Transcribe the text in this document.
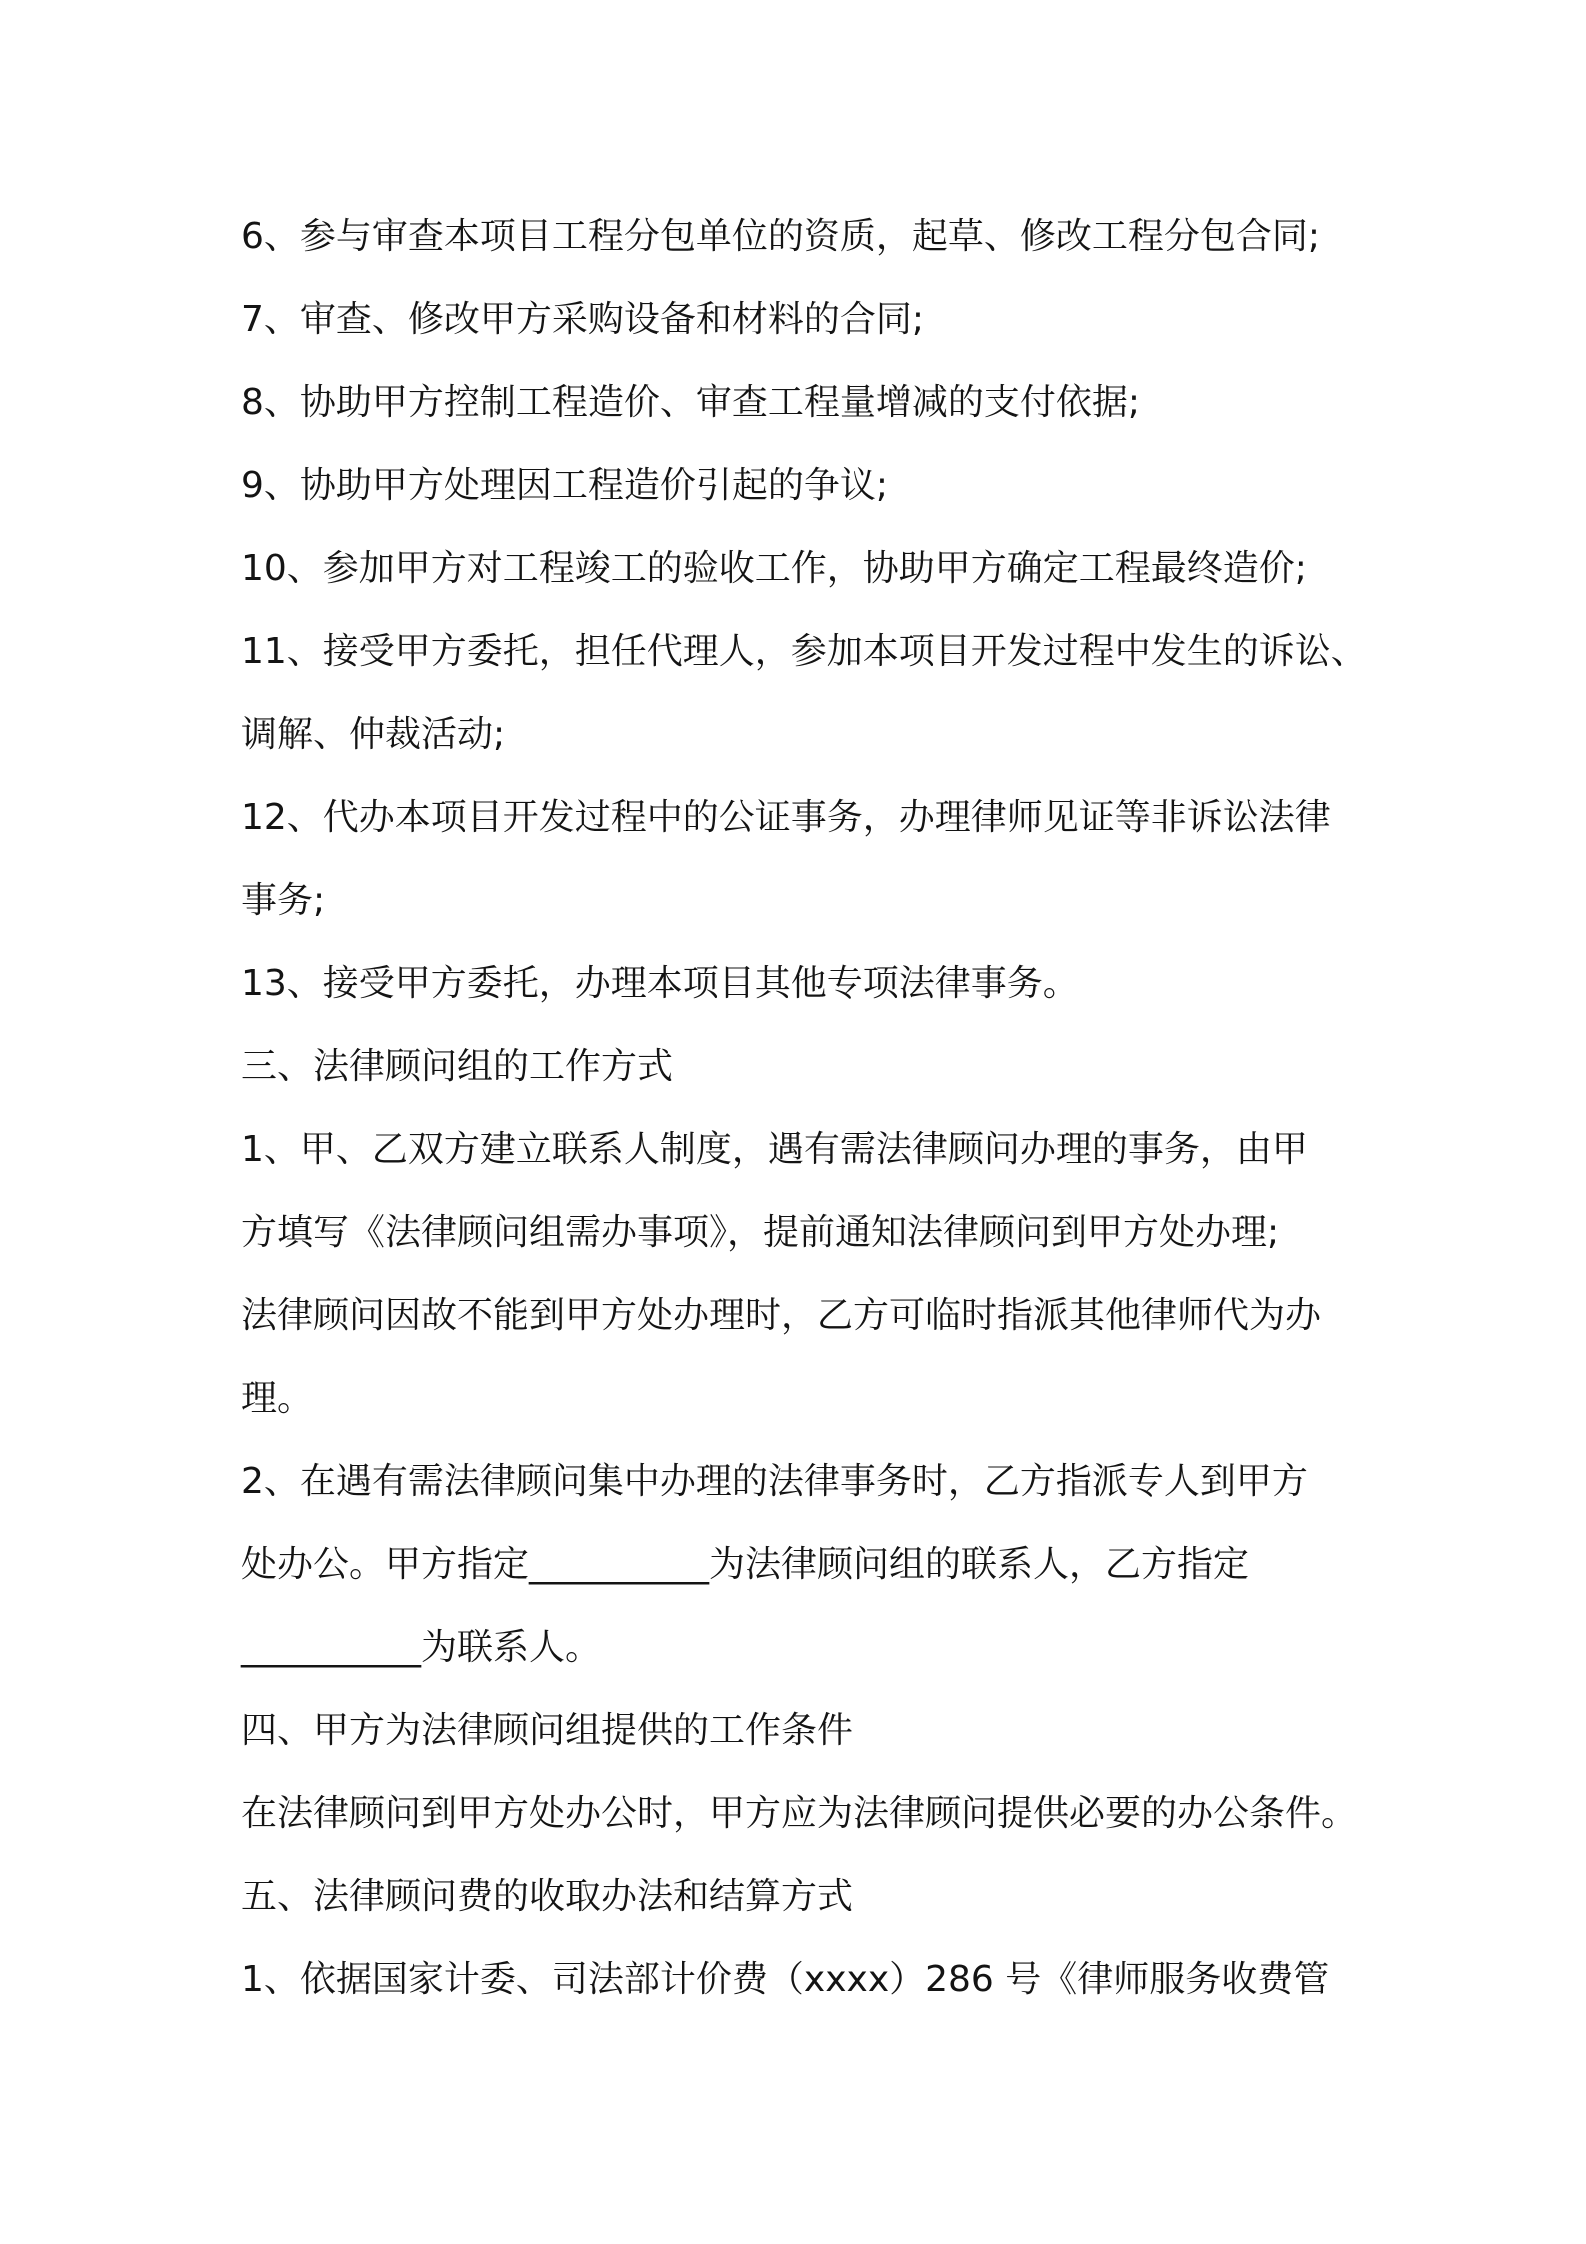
6、参与审查本项目工程分包单位的资质，起草、修改工程分包合同;
7、审查、修改甲方采购设备和材料的合同;
8、协助甲方控制工程造价、审查工程量增减的支付依据;
9、协助甲方处理因工程造价引起的争议;
10、参加甲方对工程竣工的验收工作，协助甲方确定工程最终造价;
11、接受甲方委托，担任代理人，参加本项目开发过程中发生的诉讼、
调解、仲裁活动;
12、代办本项目开发过程中的公证事务，办理律师见证等非诉讼法律
事务;
13、接受甲方委托，办理本项目其他专项法律事务。
三、法律顾问组的工作方式
1、甲、乙双方建立联系人制度，遇有需法律顾问办理的事务，由甲
方填写《法律顾问组需办事项》，提前通知法律顾问到甲方处办理;
法律顾问因故不能到甲方处办理时，乙方可临时指派其他律师代为办
理。
2、在遇有需法律顾问集中办理的法律事务时，乙方指派专人到甲方
处办公。甲方指定__________为法律顾问组的联系人，乙方指定
__________为联系人。
四、甲方为法律顾问组提供的工作条件
在法律顾问到甲方处办公时，甲方应为法律顾问提供必要的办公条件。
五、法律顾问费的收取办法和结算方式
1、依据国家计委、司法部计价费（xxxx）286 号《律师服务收费管
